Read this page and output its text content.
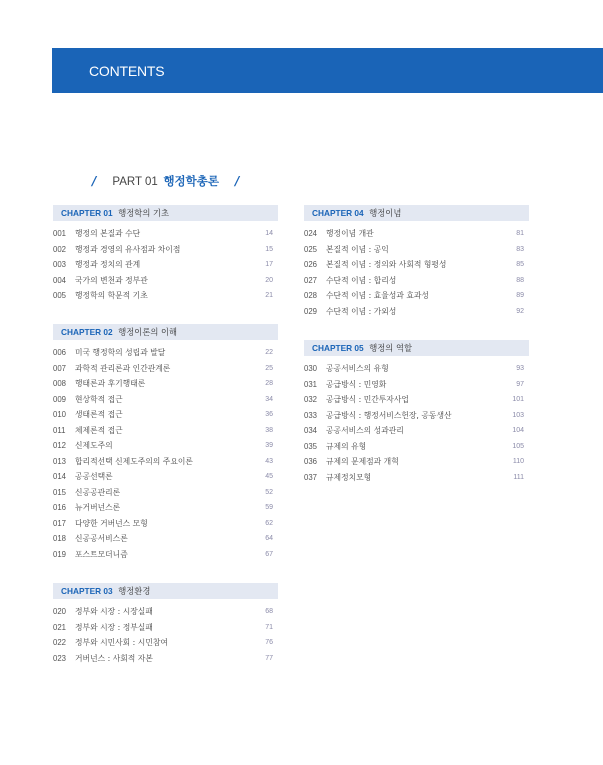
CONTENTS
/ PART 01 행정학총론 /
CHAPTER 01 행정학의 기초
001 행정의 본질과 수단	14
002 행정과 경영의 유사점과 차이점	15
003 행정과 정치의 관계	17
004 국가의 변천과 정부관	20
005 행정학의 학문적 기초	21
CHAPTER 02 행정이론의 이해
006 미국 행정학의 성립과 발달	22
007 과학적 관리론과 인간관계론	25
008 행태론과 후기행태론	28
009 현상학적 접근	34
010 생태론적 접근	36
011 체제론적 접근	38
012 신제도주의	39
013 합리적선택 신제도주의의 주요이론	43
014 공공선택론	45
015 신공공관리론	52
016 뉴거버넌스론	59
017 다양한 거버넌스 모형	62
018 신공공서비스론	64
019 포스트모더니즘	67
CHAPTER 03 행정환경
020 정부와 시장 : 시장실패	68
021 정부와 시장 : 정부실패	71
022 정부와 시민사회 : 시민참여	76
023 거버넌스 : 사회적 자본	77
CHAPTER 04 행정이념
024 행정이념 개관	81
025 본질적 이념 : 공익	83
026 본질적 이념 : 정의와 사회적 형평성	85
027 수단적 이념 : 합리성	88
028 수단적 이념 : 효율성과 효과성	89
029 수단적 이념 : 가외성	92
CHAPTER 05 행정의 역할
030 공공서비스의 유형	93
031 공급방식 : 민영화	97
032 공급방식 : 민간투자사업	101
033 공급방식 : 행정서비스헌장, 공동생산	103
034 공공서비스의 성과관리	104
035 규제의 유형	105
036 규제의 문제점과 개혁	110
037 규제정치모형	111
